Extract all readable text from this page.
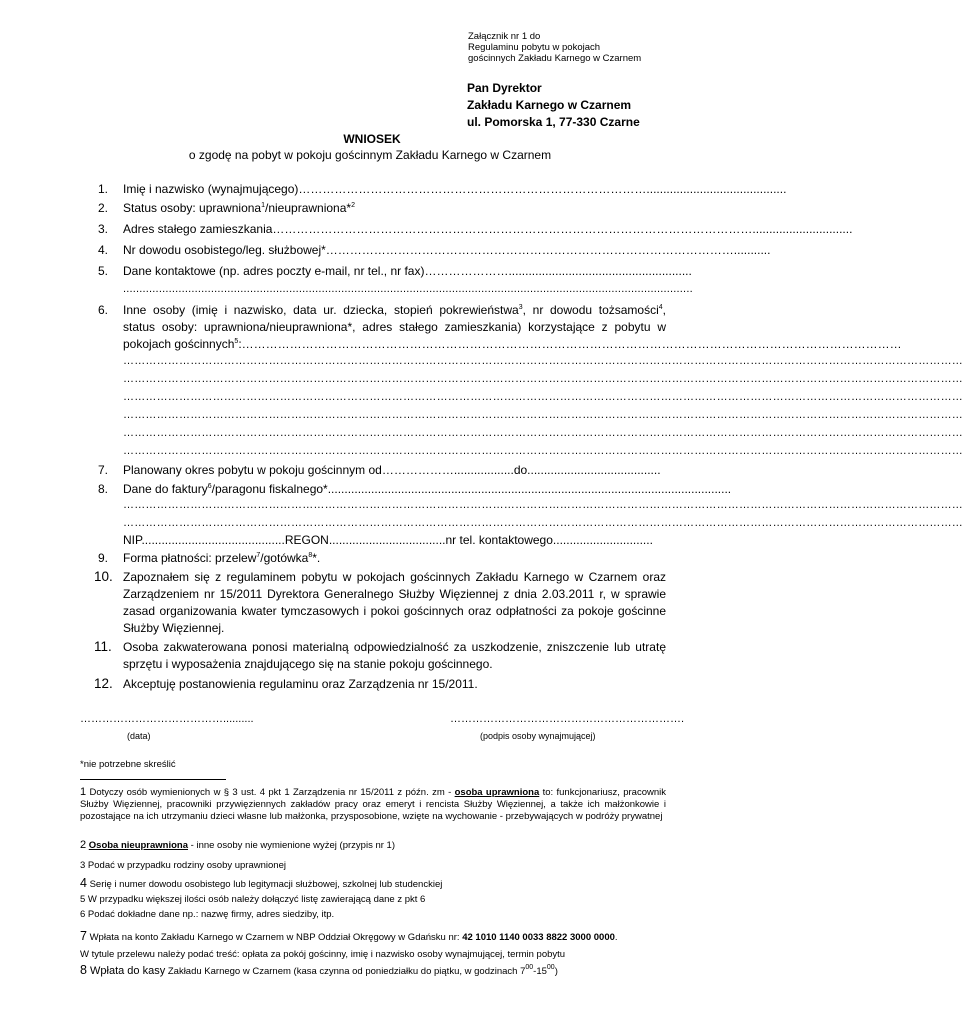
Załącznik nr 1 do
Regulaminu pobytu w pokojach
gościnnych Zakładu Karnego w Czarnem
Pan Dyrektor
Zakładu Karnego w Czarnem
ul. Pomorska 1, 77-330 Czarne
WNIOSEK
o zgodę na pobyt w pokoju gościnnym Zakładu Karnego w Czarnem
1. Imię i nazwisko (wynajmującego)……………………………………………………………………………..........................................
2. Status osoby: uprawniona$^1$/nieuprawniona*$^2$
3. Adres stałego zamieszkania…………………………………………………………………………………………………………..............................
4. Nr dowodu osobistego/leg. służbowej*…………………………………………………………………………………………...........
5. Dane kontaktowe (np. adres poczty e-mail, nr tel., nr fax)………………….......................................................
...............................................................................................................................................................................
6. Inne osoby (imię i nazwisko, data ur. dziecka, stopień pokrewieństwa$^3$, nr dowodu tożsamości$^4$,
status osoby: uprawniona/nieuprawniona*, adres stałego zamieszkania) korzystające z pobytu w
pokojach gościnnych$^5$:…………………………………………………………………………………………………………………………………………………
………………………………………………………………………………………………………………………………………………………………………………………………………
………………………………………………………………………………………………………………………………………………………………………………………………………
………………………………………………………………………………………………………………………………………………………………………………………………………
………………………………………………………………………………………………………………………………………………………………………………………………………
………………………………………………………………………………………………………………………………………………………………………………………………………
………………………………………………………………………………………………………………………………………………………………………………………………………
7. Planowany okres pobytu w pokoju gościnnym od………………..................do........................................
8. Dane do faktury$^6$/paragonu fiskalnego*.........................................................................................................................
………………………………………………………………………………………………………………………………………………………………………………………………………
………………………………………………………………………………………………………………………………………………………………………………………………………
NIP...........................................REGON...................................nr tel. kontaktowego..............................
9. Forma płatności: przelew$^7$/gotówka$^8$*.
10. Zapoznałem się z regulaminem pobytu w pokojach gościnnych Zakładu Karnego w Czarnem oraz Zarządzeniem nr 15/2011 Dyrektora Generalnego Służby Więziennej z dnia 2.03.2011 r, w sprawie zasad organizowania kwater tymczasowych i pokoi gościnnych oraz odpłatności za pokoje gościnne Służby Więziennej.
11. Osoba zakwaterowana ponosi materialną odpowiedzialność za uszkodzenie, zniszczenie lub utratę sprzętu i wyposażenia znajdującego się na stanie pokoju gościnnego.
12. Akceptuję postanowienia regulaminu oraz Zarządzenia nr 15/2011.
…………………………………..........
(data)
……………………………………………………….
(podpis osoby wynajmującej)
*nie potrzebne skreślić
1 Dotyczy osób wymienionych w § 3 ust. 4 pkt 1 Zarządzenia nr 15/2011 z późn. zm - osoba uprawniona to: funkcjonariusz, pracownik Służby Więziennej, pracowniki przywięziennych zakładów pracy oraz emeryt i rencista Służby Więziennej, a także ich małżonkowie i pozostające na ich utrzymaniu dzieci własne lub małżonka, przysposobione, wzięte na wychowanie - przebywających w podróży prywatnej
2 Osoba nieuprawniona - inne osoby nie wymienione wyżej (przypis nr 1)
3 Podać w przypadku rodziny osoby uprawnionej
4 Serię i numer dowodu osobistego lub legitymacji służbowej, szkolnej lub studenckiej
5 W przypadku większej ilości osób należy dołączyć listę zawierającą dane z pkt 6
6 Podać dokładne dane np.: nazwę firmy, adres siedziby, itp.
7 Wpłata na konto Zakładu Karnego w Czarnem w NBP Oddział Okręgowy w Gdańsku nr: 42 1010 1140 0033 8822 3000 0000.
W tytule przelewu należy podać treść: opłata za pokój gościnny, imię i nazwisko osoby wynajmującej, termin pobytu
8 Wpłata do kasy Zakładu Karnego w Czarnem (kasa czynna od poniedziałku do piątku, w godzinach $7^{00}-15^{00}$)
